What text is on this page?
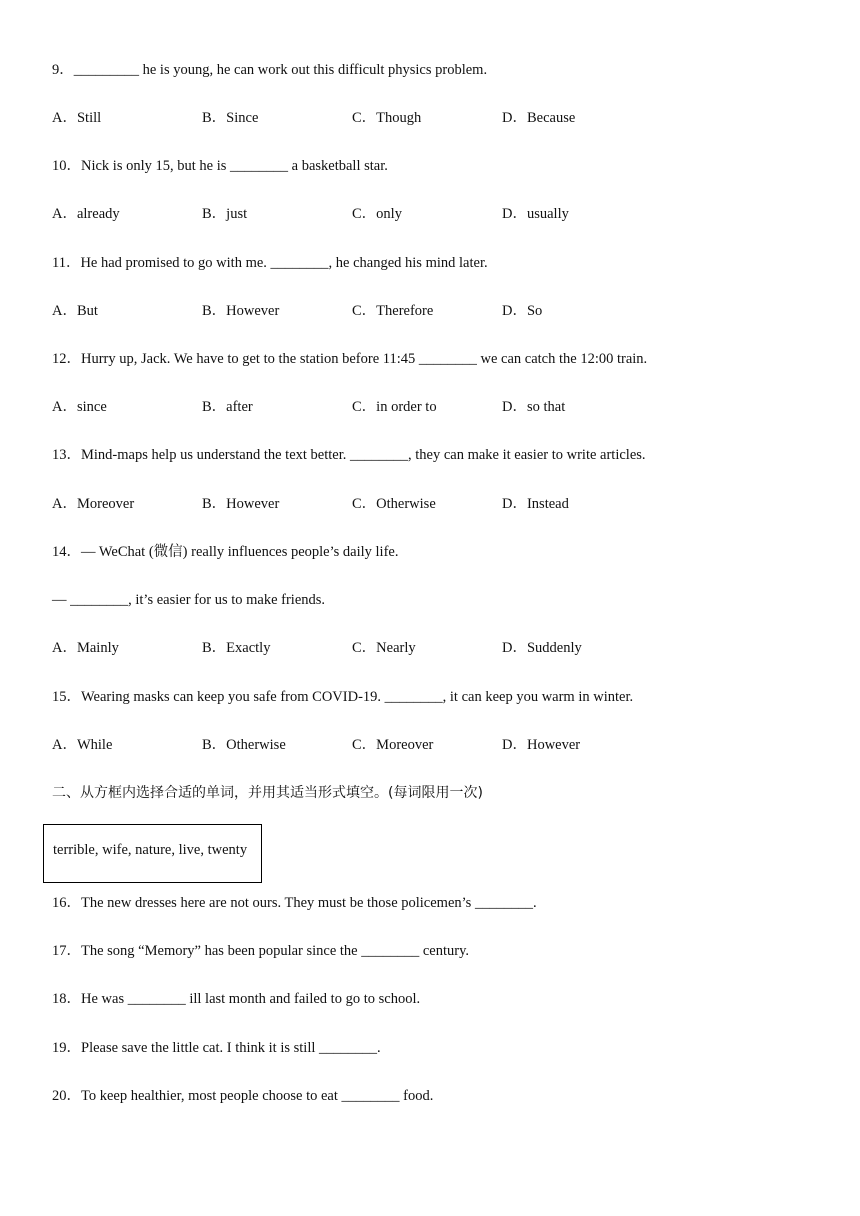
9．_________ he is young, he can work out this difficult physics problem.
A．Still	B．Since	C．Though	D．Because
10．Nick is only 15, but he is ________ a basketball star.
A．already	B．just	C．only	D．usually
11．He had promised to go with me. ________, he changed his mind later.
A．But	B．However	C．Therefore	D．So
12．Hurry up, Jack. We have to get to the station before 11:45 ________ we can catch the 12:00 train.
A．since	B．after	C．in order to	D．so that
13．Mind-maps help us understand the text better. ________, they can make it easier to write articles.
A．Moreover	B．However	C．Otherwise	D．Instead
14．— WeChat (微信) really influences people’s daily life.
— ________, it’s easier for us to make friends.
A．Mainly	B．Exactly	C．Nearly	D．Suddenly
15．Wearing masks can keep you safe from COVID-19. ________, it can keep you warm in winter.
A．While	B．Otherwise	C．Moreover	D．However
二、从方框内选择合适的单词，并用其适当形式填空。(每词限用一次)
terrible, wife, nature, live, twenty
16．The new dresses here are not ours. They must be those policemen’s ________.
17．The song “Memory” has been popular since the ________ century.
18．He was ________ ill last month and failed to go to school.
19．Please save the little cat. I think it is still ________.
20．To keep healthier, most people choose to eat ________ food.
